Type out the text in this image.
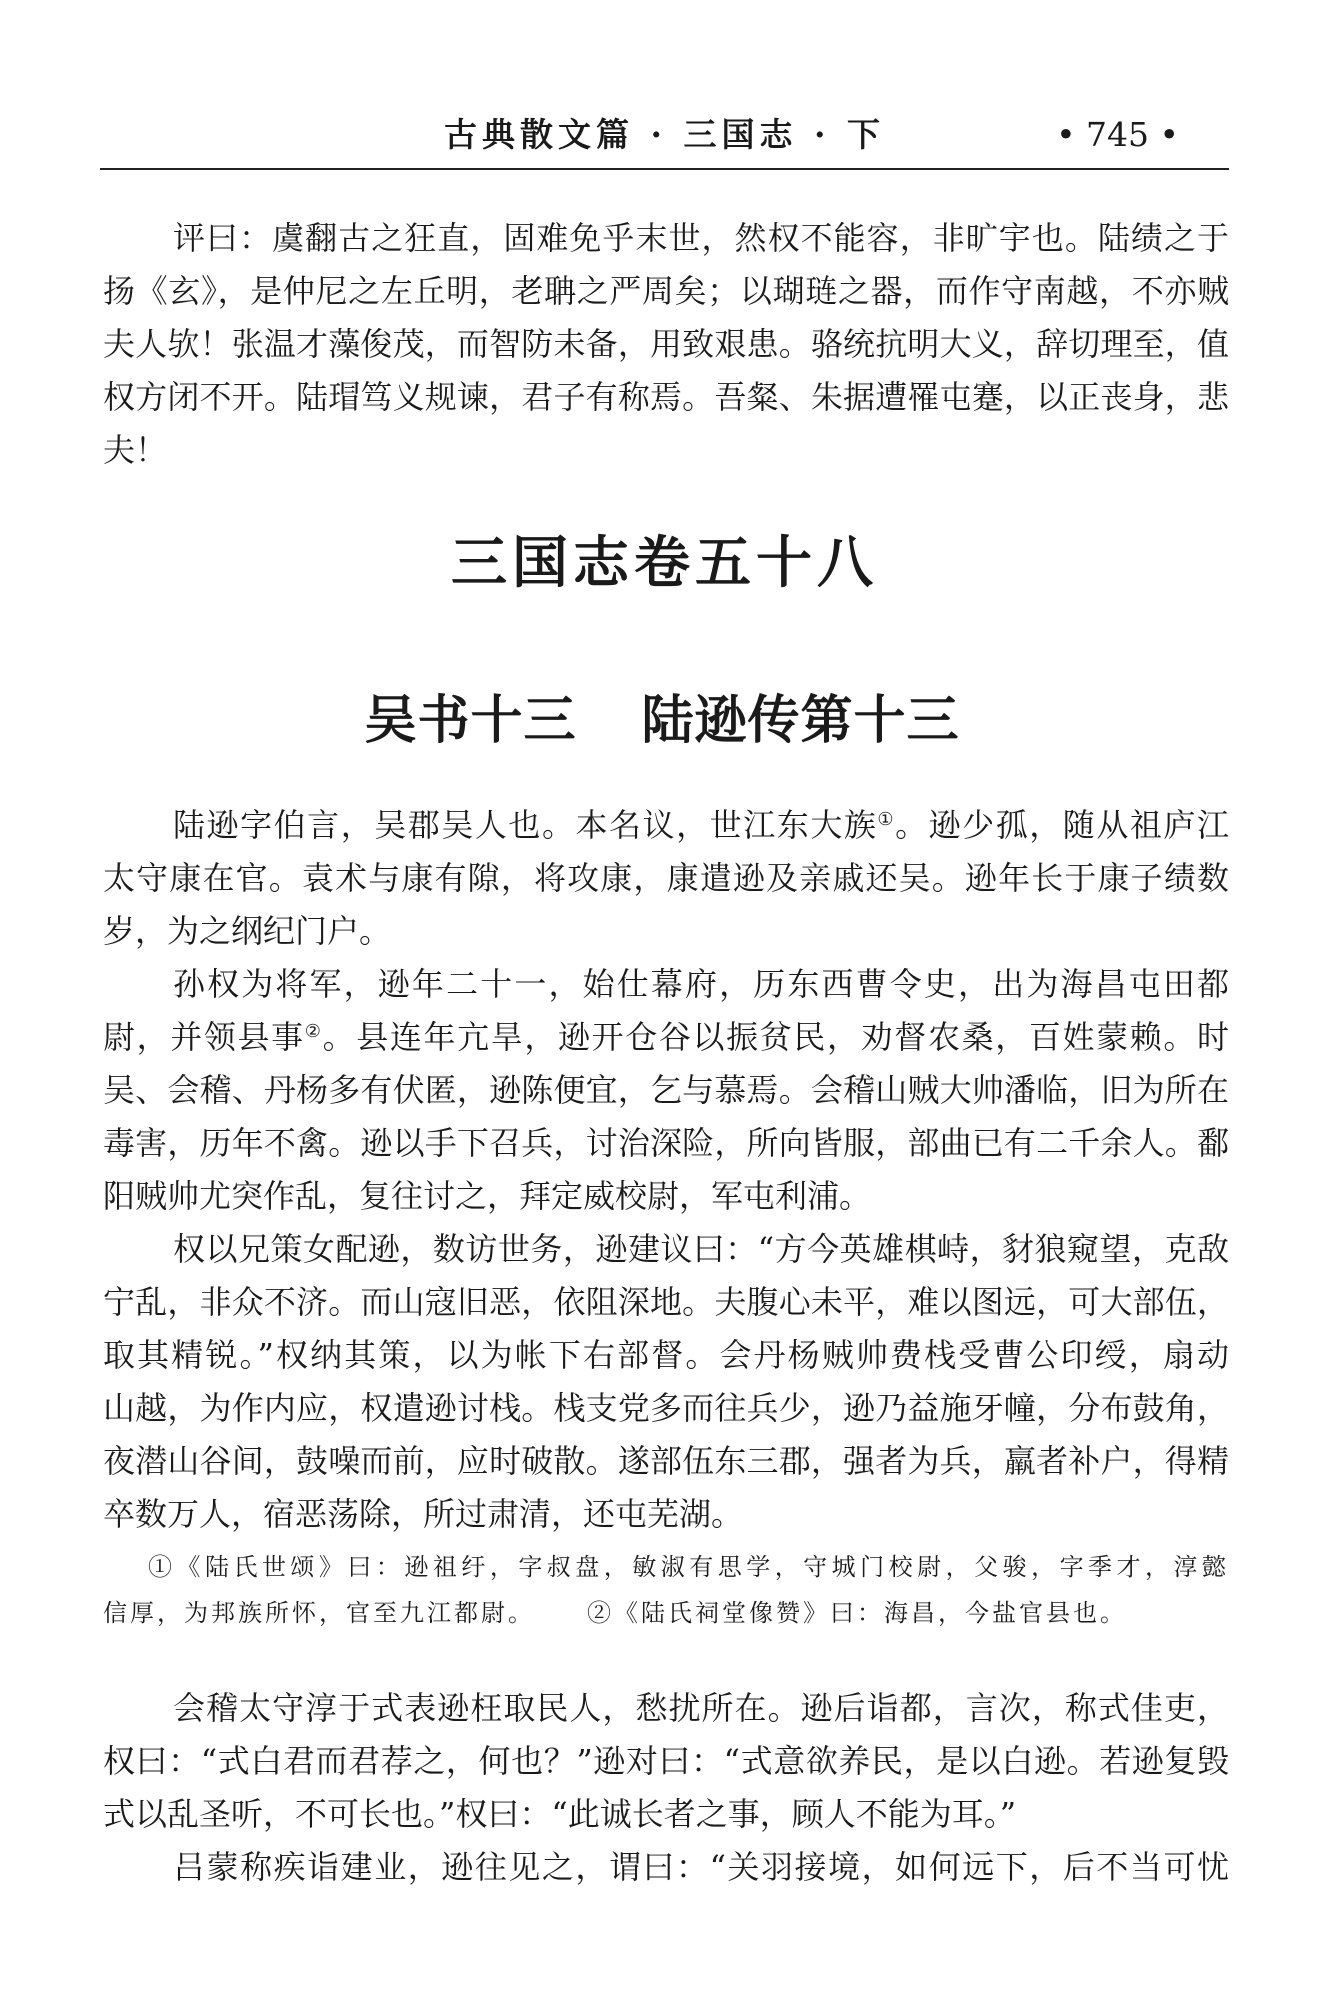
古典散文篇 · 三国志 · 下	• 745 •
评曰：虞翻古之狂直，固难免乎末世，然权不能容，非旷宇也。陆绩之于
扬《玄》，是仲尼之左丘明，老聃之严周矣；以瑚琏之器，而作守南越，不亦贼
夫人欤！张温才藻俊茂，而智防未备，用致艰患。骆统抗明大义，辞切理至，值
权方闭不开。陆瑁笃义规谏，君子有称焉。吾粲、朱据遭罹屯蹇，以正丧身，悲
夫！
三国志卷五十八
吴书十三 陆逊传第十三
陆逊字伯言，吴郡吴人也。本名议，世江东大族①。逊少孤，随从祖庐江
太守康在官。袁术与康有隙，将攻康，康遣逊及亲戚还吴。逊年长于康子绩数
岁，为之纲纪门户。
孙权为将军，逊年二十一，始仕幕府，历东西曹令史，出为海昌屯田都
尉，并领县事②。县连年亢旱，逊开仓谷以振贫民，劝督农桑，百姓蒙赖。时
吴、会稽、丹杨多有伏匿，逊陈便宜，乞与慕焉。会稽山贼大帅潘临，旧为所在
毒害，历年不禽。逊以手下召兵，讨治深险，所向皆服，部曲已有二千余人。鄱
阳贼帅尤突作乱，复往讨之，拜定威校尉，军屯利浦。
权以兄策女配逊，数访世务，逊建议曰：“方今英雄棋峙，豺狼窥望，克敌
宁乱，非众不济。而山寇旧恶，依阻深地。夫腹心未平，难以图远，可大部伍，
取其精锐。”权纳其策，以为帐下右部督。会丹杨贼帅费栈受曹公印绶，扇动
山越，为作内应，权遣逊讨栈。栈支党多而往兵少，逊乃益施牙幢，分布鼓角，
夜潜山谷间，鼓噪而前，应时破散。遂部伍东三郡，强者为兵，羸者补户，得精
卒数万人，宿恶荡除，所过肃清，还屯芜湖。
①《陆氏世颂》曰：逊祖纡，字叔盘，敏淑有思学，守城门校尉，父骏，字季才，淳懿
信厚，为邦族所怀，官至九江都尉。 ②《陆氏祠堂像赞》曰：海昌，今盐官县也。
会稽太守淳于式表逊枉取民人，愁扰所在。逊后诣都，言次，称式佳吏，
权曰：“式白君而君荐之，何也？”逊对曰：“式意欲养民，是以白逊。若逊复毁
式以乱圣听，不可长也。”权曰：“此诚长者之事，顾人不能为耳。”
吕蒙称疾诣建业，逊往见之，谓曰：“关羽接境，如何远下，后不当可忧
